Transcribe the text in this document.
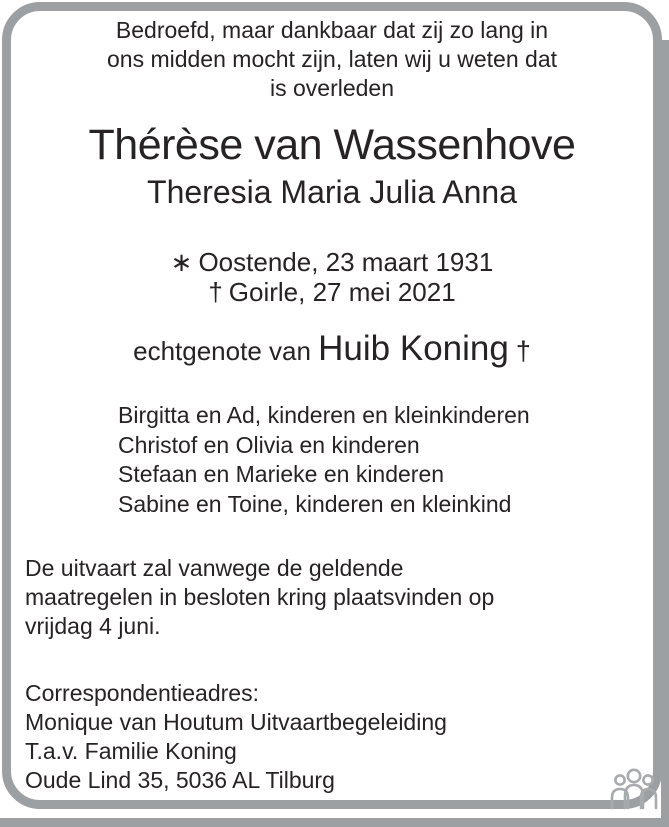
Bedroefd, maar dankbaar dat zij zo lang in
ons midden mocht zijn, laten wij u weten dat
is overleden
Thérèse van Wassenhove
Theresia Maria Julia Anna
∗ Oostende, 23 maart 1931
† Goirle, 27 mei 2021
echtgenote van Huib Koning †
Birgitta en Ad, kinderen en kleinkinderen
Christof en Olivia en kinderen
Stefaan en Marieke en kinderen
Sabine en Toine, kinderen en kleinkind
De uitvaart zal vanwege de geldende
maatregelen in besloten kring plaatsvinden op
vrijdag 4 juni.
Correspondentieadres:
Monique van Houtum Uitvaartbegeleiding
T.a.v. Familie Koning
Oude Lind 35, 5036 AL Tilburg
